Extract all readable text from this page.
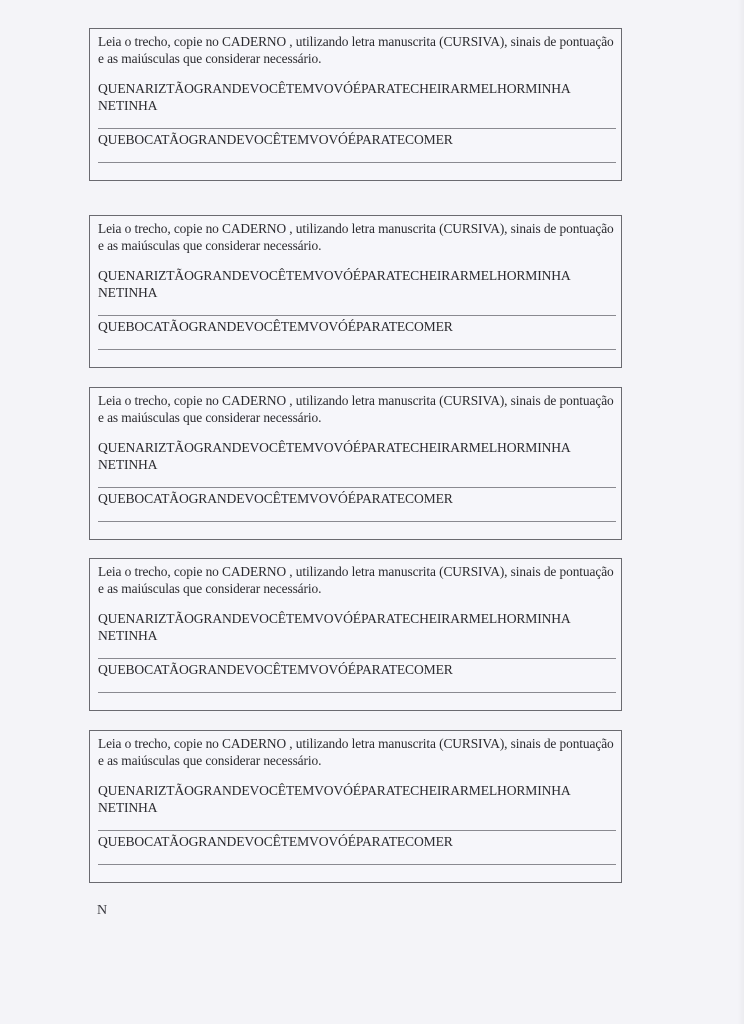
Leia o trecho, copie no CADERNO , utilizando letra manuscrita (CURSIVA), sinais de pontuação e as maiúsculas que considerar necessário.
QUENARIZTÃOGRANDEVOCÊTEMVOVÓÉPARATECHEIRARMELHORMINHA
NETINHA
QUEBOCATÃOGRANDEVOCÊTEMVOVÓÉPARATECOMER
Leia o trecho, copie no CADERNO , utilizando letra manuscrita (CURSIVA), sinais de pontuação e as maiúsculas que considerar necessário.
QUENARIZTÃOGRANDEVOCÊTEMVOVÓÉPARATECHEIRARMELHORMINHA
NETINHA
QUEBOCATÃOGRANDEVOCÊTEMVOVÓÉPARATECOMER
Leia o trecho, copie no CADERNO , utilizando letra manuscrita (CURSIVA), sinais de pontuação e as maiúsculas que considerar necessário.
QUENARIZTÃOGRANDEVOCÊTEMVOVÓÉPARATECHEIRARMELHORMINHA
NETINHA
QUEBOCATÃOGRANDEVOCÊTEMVOVÓÉPARATECOMER
Leia o trecho, copie no CADERNO , utilizando letra manuscrita (CURSIVA), sinais de pontuação e as maiúsculas que considerar necessário.
QUENARIZTÃOGRANDEVOCÊTEMVOVÓÉPARATECHEIRARMELHORMINHA
NETINHA
QUEBOCATÃOGRANDEVOCÊTEMVOVÓÉPARATECOMER
Leia o trecho, copie no CADERNO , utilizando letra manuscrita (CURSIVA), sinais de pontuação e as maiúsculas que considerar necessário.
QUENARIZTÃOGRANDEVOCÊTEMVOVÓÉPARATECHEIRARMELHORMINHA
NETINHA
QUEBOCATÃOGRANDEVOCÊTEMVOVÓÉPARATECOMER
N
